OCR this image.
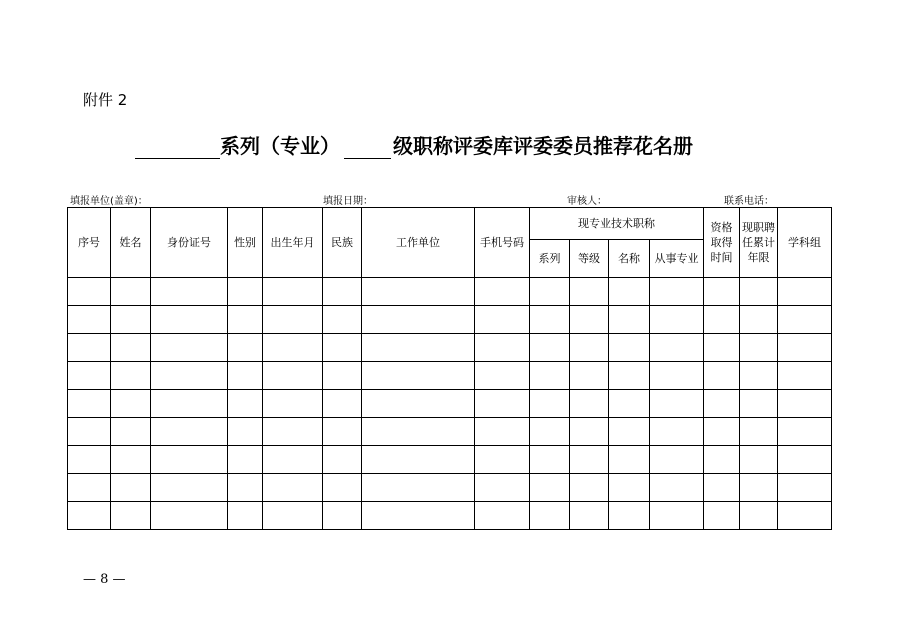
附件 2
系列（专业）	级职称评委库评委委员推荐花名册
填报单位(盖章)：	填报日期：	审核人：	联系电话：
序号	姓名	身份证号	性别	出生年月	民族	工作单位	手机号码	现专业技术职称				资格取得时间	现职聘任累计年限	学科组
								系列	等级	名称	从事专业			

— 8 —
